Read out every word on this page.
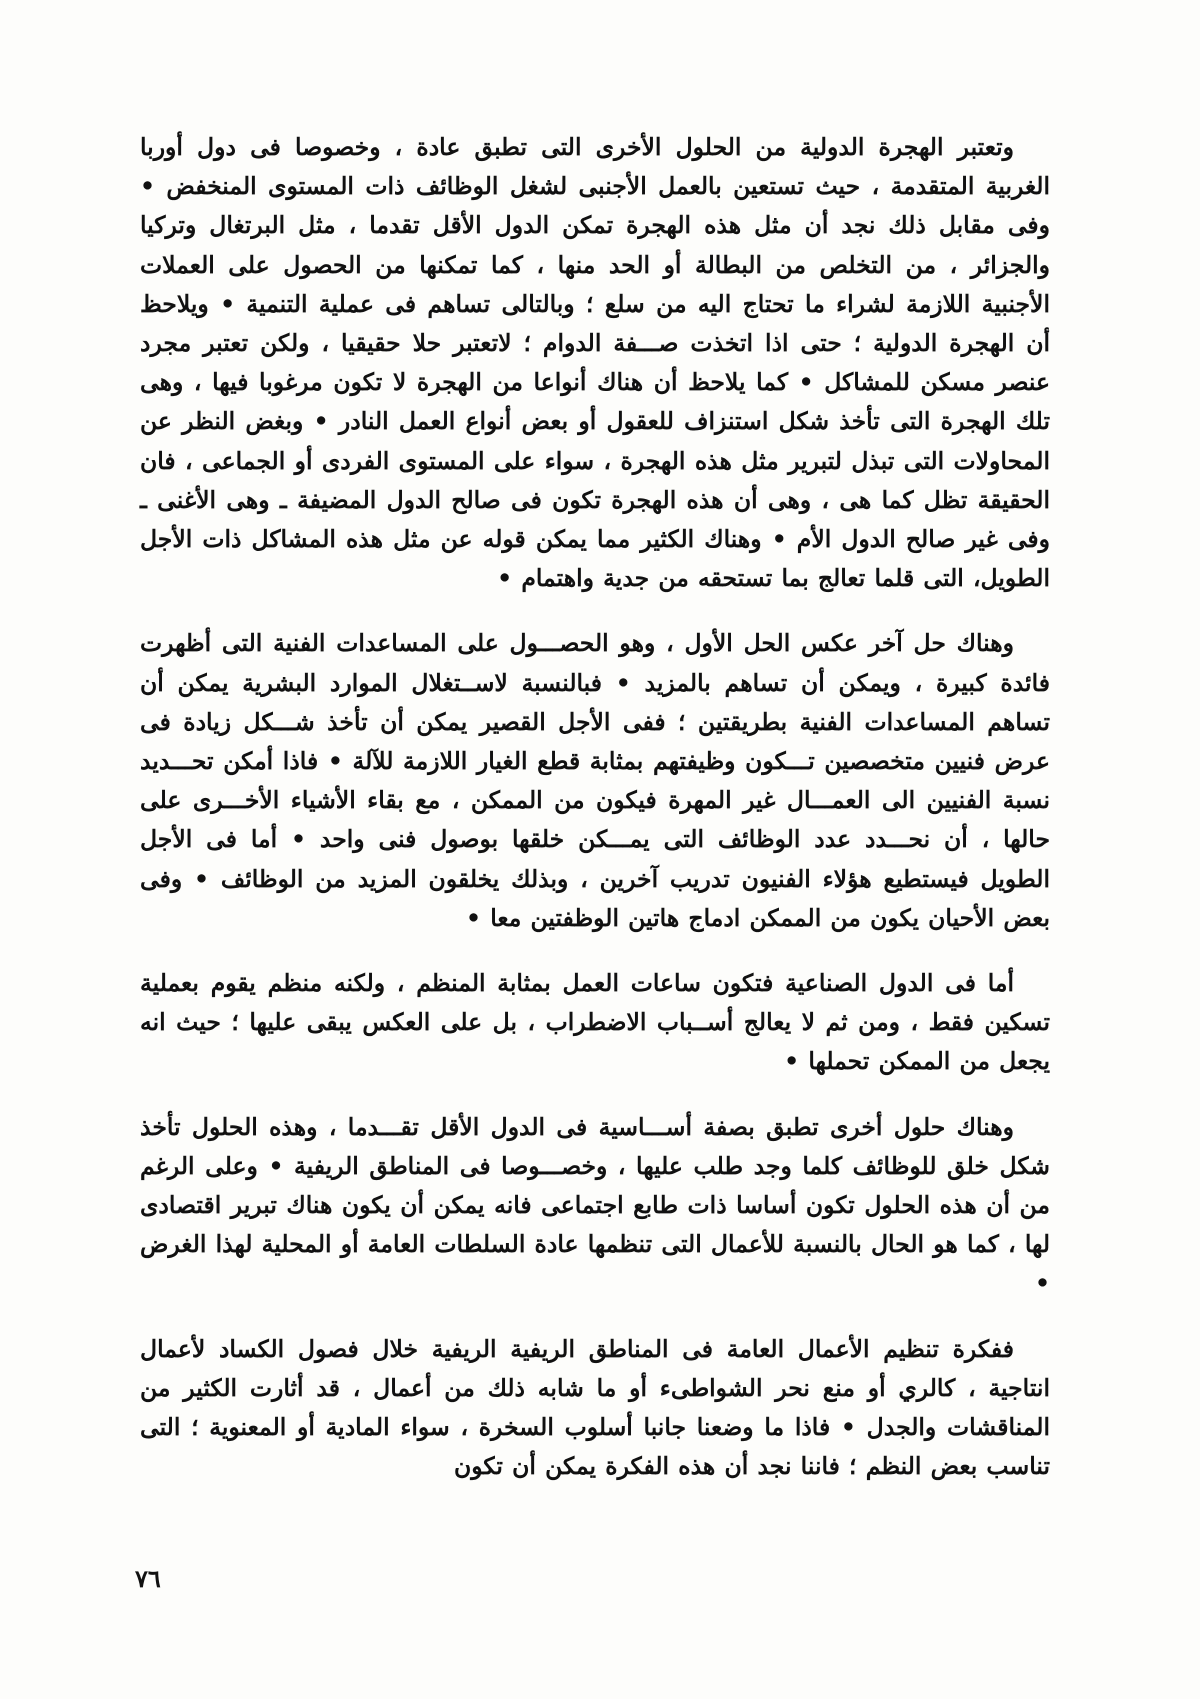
وتعتبر الهجرة الدولية من الحلول الأخرى التى تطبق عادة ، وخصوصا فى دول أوربا الغربية المتقدمة ، حيث تستعين بالعمل الأجنبى لشغل الوظائف ذات المستوى المنخفض • وفى مقابل ذلك نجد أن مثل هذه الهجرة تمكن الدول الأقل تقدما ، مثل البرتغال وتركيا والجزائر ، من التخلص من البطالة أو الحد منها ، كما تمكنها من الحصول على العملات الأجنبية اللازمة لشراء ما تحتاج اليه من سلع ؛ وبالتالى تساهم فى عملية التنمية • ويلاحظ أن الهجرة الدولية ؛ حتى اذا اتخذت صـــفة الدوام ؛ لاتعتبر حلا حقيقيا ، ولكن تعتبر مجرد عنصر مسكن للمشاكل • كما يلاحظ أن هناك أنواعا من الهجرة لا تكون مرغوبا فيها ، وهى تلك الهجرة التى تأخذ شكل استنزاف للعقول أو بعض أنواع العمل النادر • وبغض النظر عن المحاولات التى تبذل لتبرير مثل هذه الهجرة ، سواء على المستوى الفردى أو الجماعى ، فان الحقيقة تظل كما هى ، وهى أن هذه الهجرة تكون فى صالح الدول المضيفة ـ وهى الأغنى ـ وفى غير صالح الدول الأم • وهناك الكثير مما يمكن قوله عن مثل هذه المشاكل ذات الأجل الطويل، التى قلما تعالج بما تستحقه من جدية واهتمام •

وهناك حل آخر عكس الحل الأول ، وهو الحصـــول على المساعدات الفنية التى أظهرت فائدة كبيرة ، ويمكن أن تساهم بالمزيد • فبالنسبة لاســتغلال الموارد البشرية يمكن أن تساهم المساعدات الفنية بطريقتين ؛ ففى الأجل القصير يمكن أن تأخذ شـــكل زيادة فى عرض فنيين متخصصين تـــكون وظيفتهم بمثابة قطع الغيار اللازمة للآلة • فاذا أمكن تحـــديد نسبة الفنيين الى العمـــال غير المهرة فيكون من الممكن ، مع بقاء الأشياء الأخـــرى على حالها ، أن نحـــدد عدد الوظائف التى يمـــكن خلقها بوصول فنى واحد • أما فى الأجل الطويل فيستطيع هؤلاء الفنيون تدريب آخرين ، وبذلك يخلقون المزيد من الوظائف • وفى بعض الأحيان يكون من الممكن ادماج هاتين الوظفتين معا •

أما فى الدول الصناعية فتكون ساعات العمل بمثابة المنظم ، ولكنه منظم يقوم بعملية تسكين فقط ، ومن ثم لا يعالج أســباب الاضطراب ، بل على العكس يبقى عليها ؛ حيث انه يجعل من الممكن تحملها •

وهناك حلول أخرى تطبق بصفة أســـاسية فى الدول الأقل تقـــدما ، وهذه الحلول تأخذ شكل خلق للوظائف كلما وجد طلب عليها ، وخصـــوصا فى المناطق الريفية • وعلى الرغم من أن هذه الحلول تكون أساسا ذات طابع اجتماعى فانه يمكن أن يكون هناك تبرير اقتصادى لها ، كما هو الحال بالنسبة للأعمال التى تنظمها عادة السلطات العامة أو المحلية لهذا الغرض •

ففكرة تنظيم الأعمال العامة فى المناطق الريفية الريفية خلال فصول الكساد لأعمال انتاجية ، كالري أو منع نحر الشواطىء أو ما شابه ذلك من أعمال ، قد أثارت الكثير من المناقشات والجدل • فاذا ما وضعنا جانبا أسلوب السخرة ، سواء المادية أو المعنوية ؛ التى تناسب بعض النظم ؛ فاننا نجد أن هذه الفكرة يمكن أن تكون

٧٦
